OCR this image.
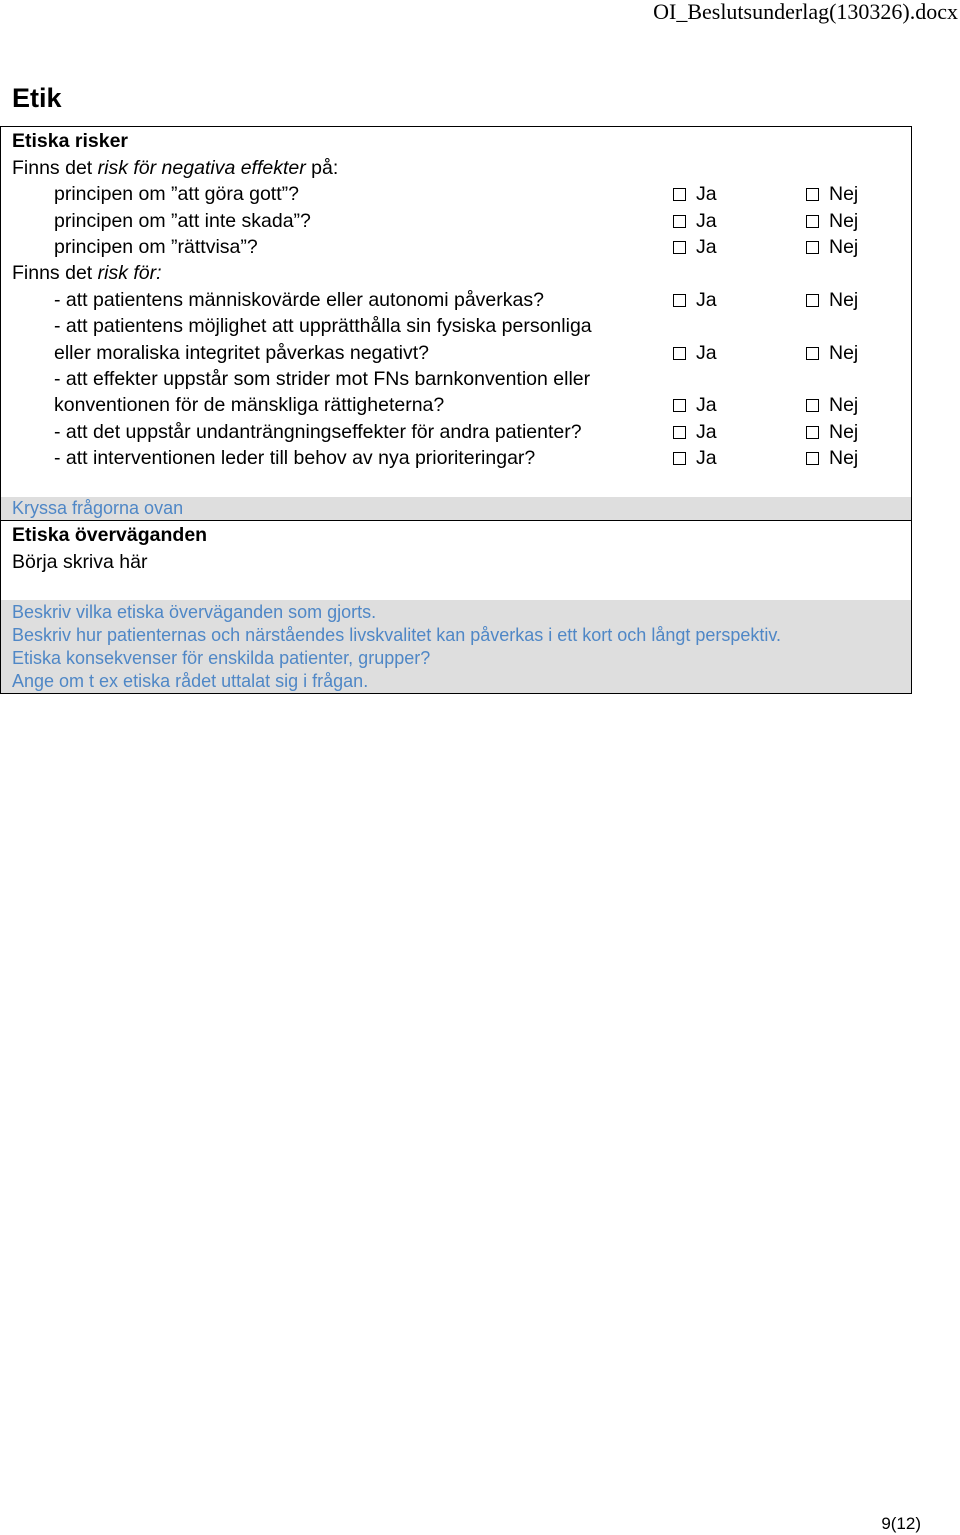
OI_Beslutsunderlag(130326).docx
Etik
Etiska risker
Finns det risk för negativa effekter på:
principen om ”att göra gott”?	Ja	Nej
principen om ”att inte skada”?	Ja	Nej
principen om ”rättvisa”?	Ja	Nej
Finns det risk för:
- att patientens människovärde eller autonomi påverkas?	Ja	Nej
- att patientens möjlighet att upprätthålla sin fysiska personliga
eller moraliska integritet påverkas negativt?	Ja	Nej
- att effekter uppstår som strider mot FNs barnkonvention eller
konventionen för de mänskliga rättigheterna?	Ja	Nej
- att det uppstår undanträngningseffekter för andra patienter?	Ja	Nej
- att interventionen leder till behov av nya prioriteringar?	Ja	Nej
Kryssa frågorna ovan
Etiska överväganden
Börja skriva här
Beskriv vilka etiska överväganden som gjorts.
Beskriv hur patienternas och närståendes livskvalitet kan påverkas i ett kort och långt perspektiv.
Etiska konsekvenser för enskilda patienter, grupper?
Ange om t ex etiska rådet uttalat sig i frågan.
9(12)
